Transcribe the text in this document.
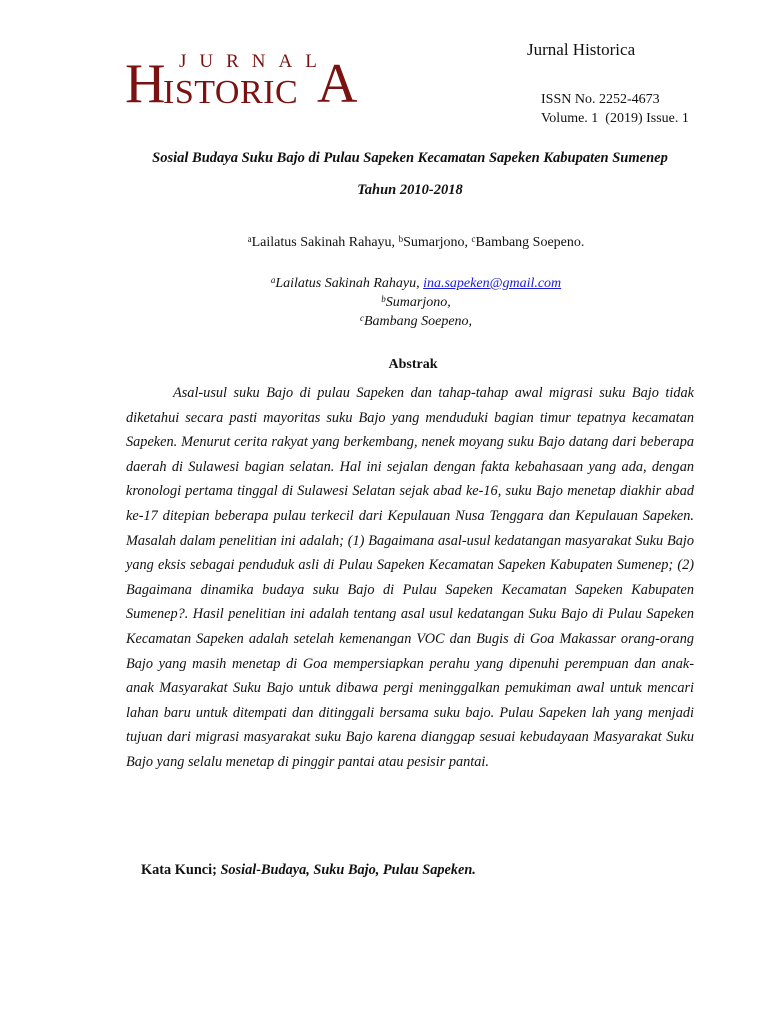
Jurnal Historica
H JURNAL
ISTORIC A	ISSN No. 2252-4673
Volume. 1  (2019) Issue. 1
Sosial Budaya Suku Bajo di Pulau Sapeken Kecamatan Sapeken Kabupaten Sumenep
Tahun 2010-2018
$^a$Lailatus Sakinah Rahayu, $^b$Sumarjono, $^c$Bambang Soepeno.
$^a$Lailatus Sakinah Rahayu, ina.sapeken@gmail.com
$^b$Sumarjono,
$^c$Bambang Soepeno,
Abstrak

Asal-usul suku Bajo di pulau Sapeken dan tahap-tahap awal migrasi suku Bajo tidak diketahui secara pasti mayoritas suku Bajo yang menduduki bagian timur tepatnya kecamatan Sapeken. Menurut cerita rakyat yang berkembang, nenek moyang suku Bajo datang dari beberapa daerah di Sulawesi bagian selatan. Hal ini sejalan dengan fakta kebahasaan yang ada, dengan kronologi pertama tinggal di Sulawesi Selatan sejak abad ke-16, suku Bajo menetap diakhir abad ke-17 ditepian beberapa pulau terkecil dari Kepulauan Nusa Tenggara dan Kepulauan Sapeken. Masalah dalam penelitian ini adalah; (1) Bagaimana asal-usul kedatangan masyarakat Suku Bajo yang eksis sebagai penduduk asli di Pulau Sapeken Kecamatan Sapeken Kabupaten Sumenep; (2) Bagaimana dinamika budaya suku Bajo di Pulau Sapeken Kecamatan Sapeken Kabupaten Sumenep?. Hasil penelitian ini adalah tentang asal usul kedatangan Suku Bajo di Pulau Sapeken Kecamatan Sapeken adalah setelah kemenangan VOC dan Bugis di Goa Makassar orang-orang Bajo yang masih menetap di Goa mempersiapkan perahu yang dipenuhi perempuan dan anak-anak Masyarakat Suku Bajo untuk dibawa pergi meninggalkan pemukiman awal untuk mencari lahan baru untuk ditempati dan ditinggali bersama suku bajo. Pulau Sapeken lah yang menjadi tujuan dari migrasi masyarakat suku Bajo karena dianggap sesuai kebudayaan Masyarakat Suku Bajo yang selalu menetap di pinggir pantai atau pesisir pantai.

Kata Kunci; Sosial-Budaya, Suku Bajo, Pulau Sapeken.
